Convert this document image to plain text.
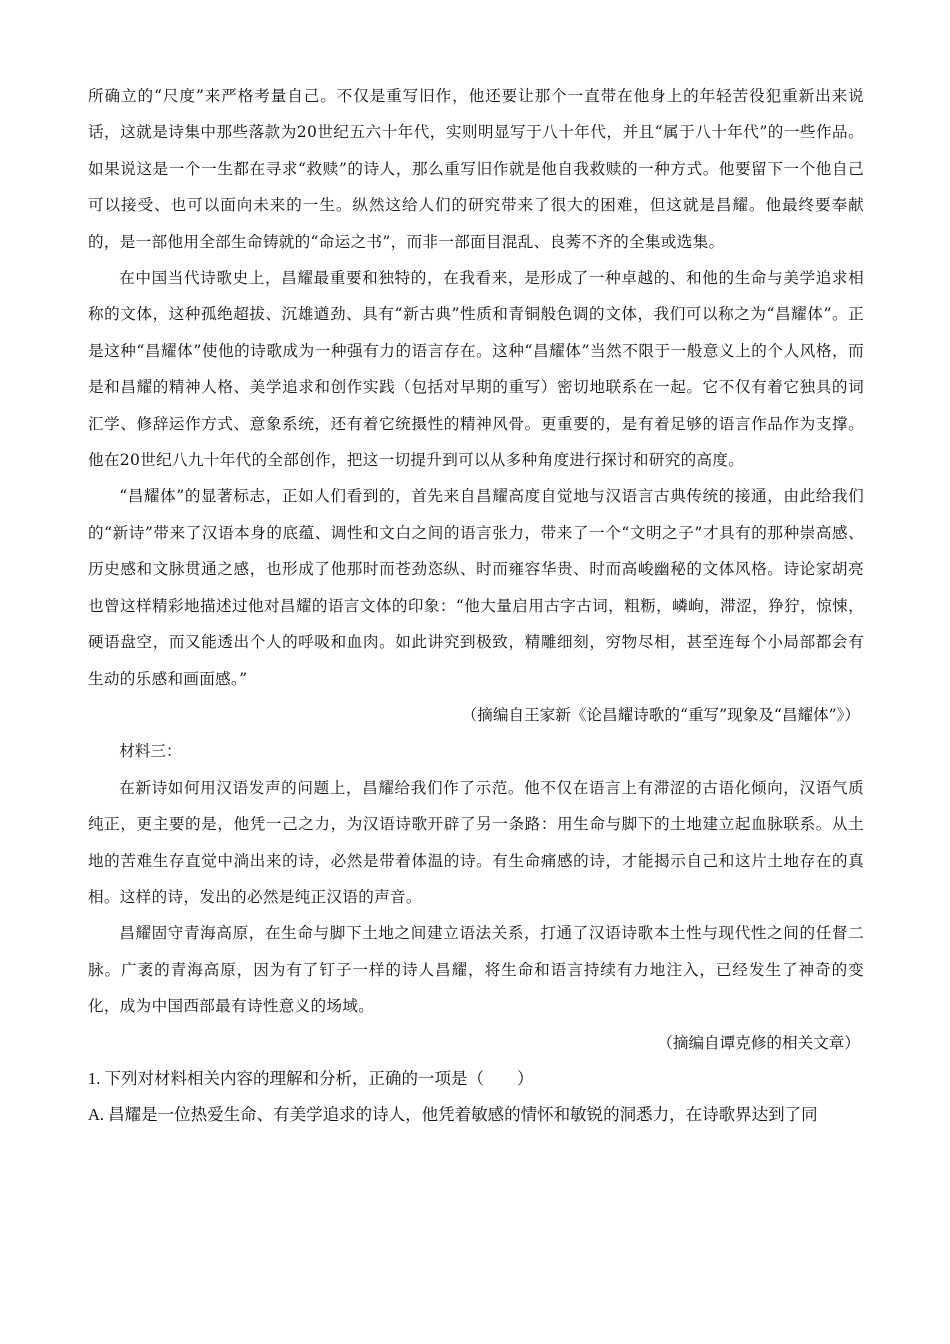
所确立的“尺度”来严格考量自己。不仅是重写旧作，他还要让那个一直带在他身上的年轻苦役犯重新出来说话，这就是诗集中那些落款为20世纪五六十年代，实则明显写于八十年代，并且“属于八十年代”的一些作品。如果说这是一个一生都在寻求“救赎”的诗人，那么重写旧作就是他自我救赎的一种方式。他要留下一个他自己可以接受、也可以面向未来的一生。纵然这给人们的研究带来了很大的困难，但这就是昌耀。他最终要奉献的，是一部他用全部生命铸就的“命运之书”，而非一部面目混乱、良莠不齐的全集或选集。

在中国当代诗歌史上，昌耀最重要和独特的，在我看来，是形成了一种卓越的、和他的生命与美学追求相称的文体，这种孤绝超拔、沉雄遒劲、具有“新古典”性质和青铜般色调的文体，我们可以称之为“昌耀体”。正是这种“昌耀体”使他的诗歌成为一种强有力的语言存在。这种“昌耀体”当然不限于一般意义上的个人风格，而是和昌耀的精神人格、美学追求和创作实践（包括对早期的重写）密切地联系在一起。它不仅有着它独具的词汇学、修辞运作方式、意象系统，还有着它统摄性的精神风骨。更重要的，是有着足够的语言作品作为支撑。他在20世纪八九十年代的全部创作，把这一切提升到可以从多种角度进行探讨和研究的高度。

“昌耀体”的显著标志，正如人们看到的，首先来自昌耀高度自觉地与汉语言古典传统的接通，由此给我们的“新诗”带来了汉语本身的底蕴、调性和文白之间的语言张力，带来了一个“文明之子”才具有的那种崇高感、历史感和文脉贯通之感，也形成了他那时而苍劲恣纵、时而雍容华贵、时而高峻幽秘的文体风格。诗论家胡亮也曾这样精彩地描述过他对昌耀的语言文体的印象：“他大量启用古字古词，粗粝，嶙峋，滞涩，狰狞，惊悚，硬语盘空，而又能透出个人的呼吸和血肉。如此讲究到极致，精雕细刻，穷物尽相，甚至连每个小局部都会有生动的乐感和画面感。”

（摘编自王家新《论昌耀诗歌的“重写”现象及“昌耀体”》）

材料三：

在新诗如何用汉语发声的问题上，昌耀给我们作了示范。他不仅在语言上有滞涩的古语化倾向，汉语气质纯正，更主要的是，他凭一己之力，为汉语诗歌开辟了另一条路：用生命与脚下的土地建立起血脉联系。从土地的苦难生存直觉中淌出来的诗，必然是带着体温的诗。有生命痛感的诗，才能揭示自己和这片土地存在的真相。这样的诗，发出的必然是纯正汉语的声音。

昌耀固守青海高原，在生命与脚下土地之间建立语法关系，打通了汉语诗歌本土性与现代性之间的任督二脉。广袤的青海高原，因为有了钉子一样的诗人昌耀，将生命和语言持续有力地注入，已经发生了神奇的变化，成为中国西部最有诗性意义的场域。

（摘编自谭克修的相关文章）

1. 下列对材料相关内容的理解和分析，正确的一项是（　　）

A. 昌耀是一位热爱生命、有美学追求的诗人，他凭着敏感的情怀和敏锐的洞悉力，在诗歌界达到了同
